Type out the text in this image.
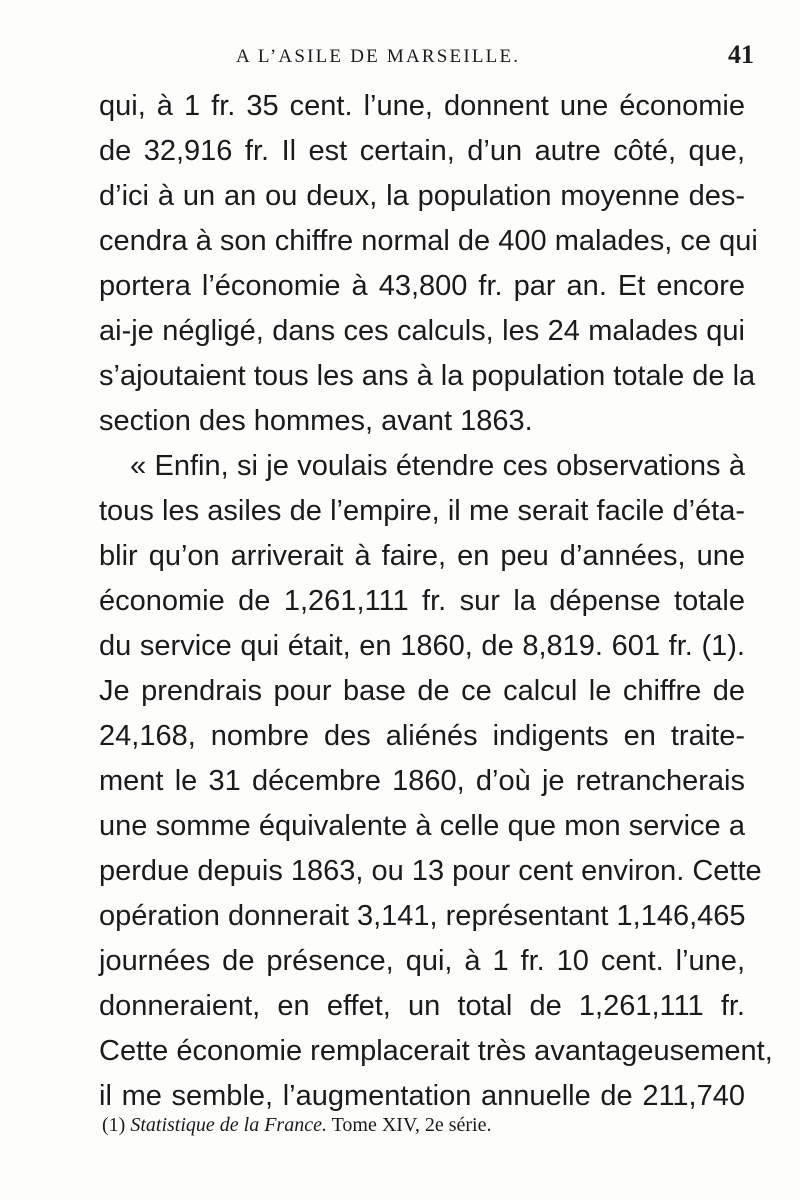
A L’ASILE DE MARSEILLE.	41
qui, à 1 fr. 35 cent. l’une, donnent une économie
de 32,916 fr. Il est certain, d’un autre côté, que,
d’ici à un an ou deux, la population moyenne des-
cendra à son chiffre normal de 400 malades, ce qui
portera l’économie à 43,800 fr. par an. Et encore
ai-je négligé, dans ces calculs, les 24 malades qui
s’ajoutaient tous les ans à la population totale de la
section des hommes, avant 1863.
« Enfin, si je voulais étendre ces observations à
tous les asiles de l’empire, il me serait facile d’éta-
blir qu’on arriverait à faire, en peu d’années, une
économie de 1,261,111 fr. sur la dépense totale
du service qui était, en 1860, de 8,819. 601 fr. (1).
Je prendrais pour base de ce calcul le chiffre de
24,168, nombre des aliénés indigents en traite-
ment le 31 décembre 1860, d’où je retrancherais
une somme équivalente à celle que mon service a
perdue depuis 1863, ou 13 pour cent environ. Cette
opération donnerait 3,141, représentant 1,146,465
journées de présence, qui, à 1 fr. 10 cent. l’une,
donneraient, en effet, un total de 1,261,111 fr.
Cette économie remplacerait très avantageusement,
il me semble, l’augmentation annuelle de 211,740
(1) Statistique de la France. Tome XIV, 2e série.
